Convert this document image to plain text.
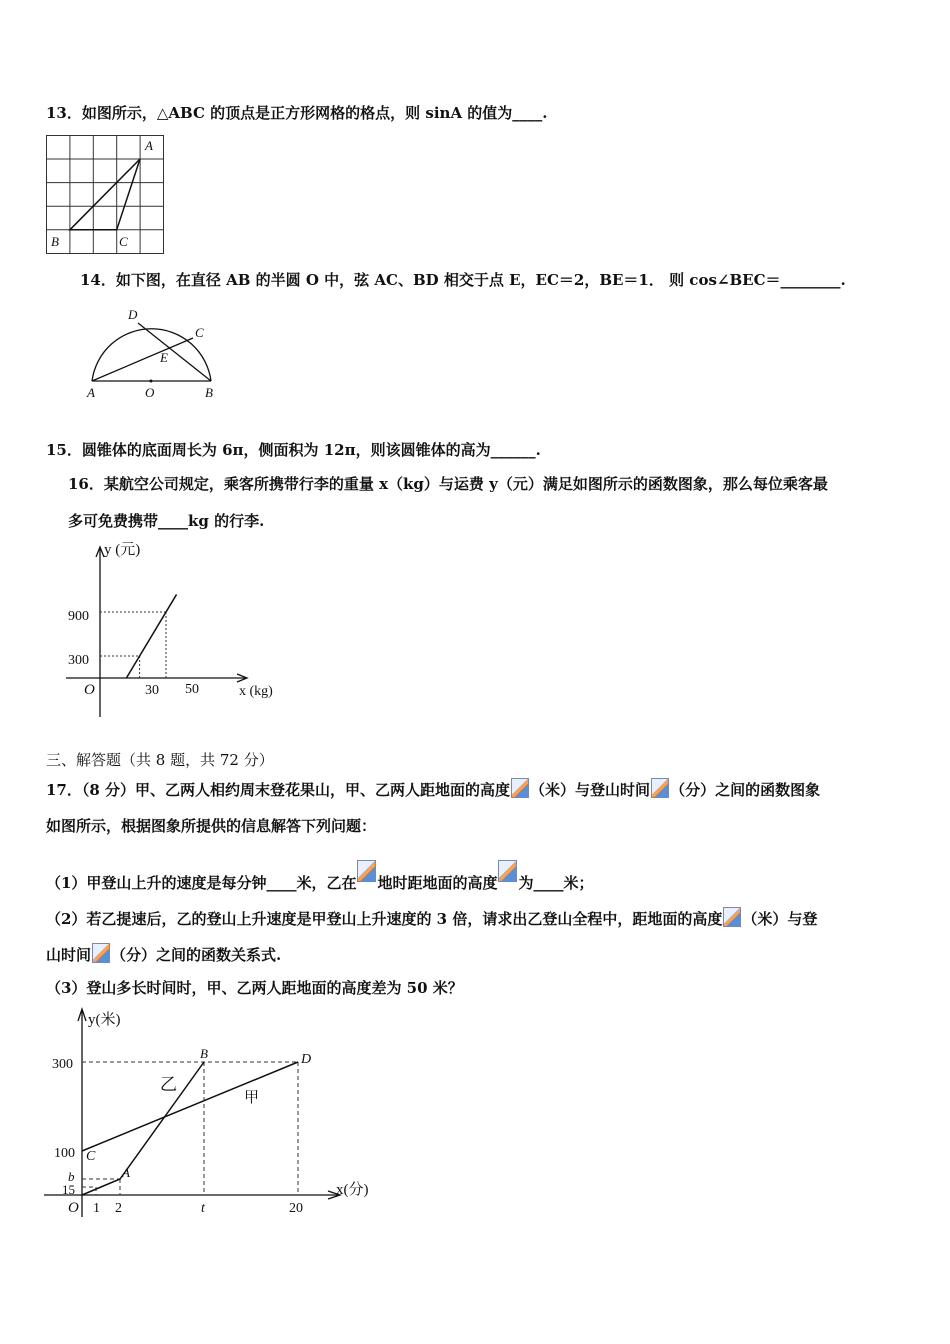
13．如图所示，△ABC 的顶点是正方形网格的格点，则 sinA 的值为____.
A
B	C
14．如下图，在直径 AB 的半圆 O 中，弦 AC、BD 相交于点 E，EC＝2，BE＝1． 则 cos∠BEC＝________.
D
C
E
A	O	B
15．圆锥体的底面周长为 6π，侧面积为 12π，则该圆锥体的高为______.
16．某航空公司规定，乘客所携带行李的重量 x（kg）与运费 y（元）满足如图所示的函数图象，那么每位乘客最
多可免费携带____kg 的行李.
y (元)
x (kg)
O
900
300
30 50
三、解答题（共 8 题，共 72 分）
17．（8 分）甲、乙两人相约周末登花果山，甲、乙两人距地面的高度 （米）与登山时间 （分）之间的函数图象
如图所示，根据图象所提供的信息解答下列问题：
（1）甲登山上升的速度是每分钟____米，乙在 地时距地面的高度 为____米；
（2）若乙提速后，乙的登山上升速度是甲登山上升速度的 3 倍，请求出乙登山全程中，距地面的高度 （米）与登
山时间 （分）之间的函数关系式.
（3）登山多长时间时，甲、乙两人距地面的高度差为 50 米？
y(米)
x(分)
O
300
100
b
15
1 2	t	20
A
B
C
D
乙
甲
